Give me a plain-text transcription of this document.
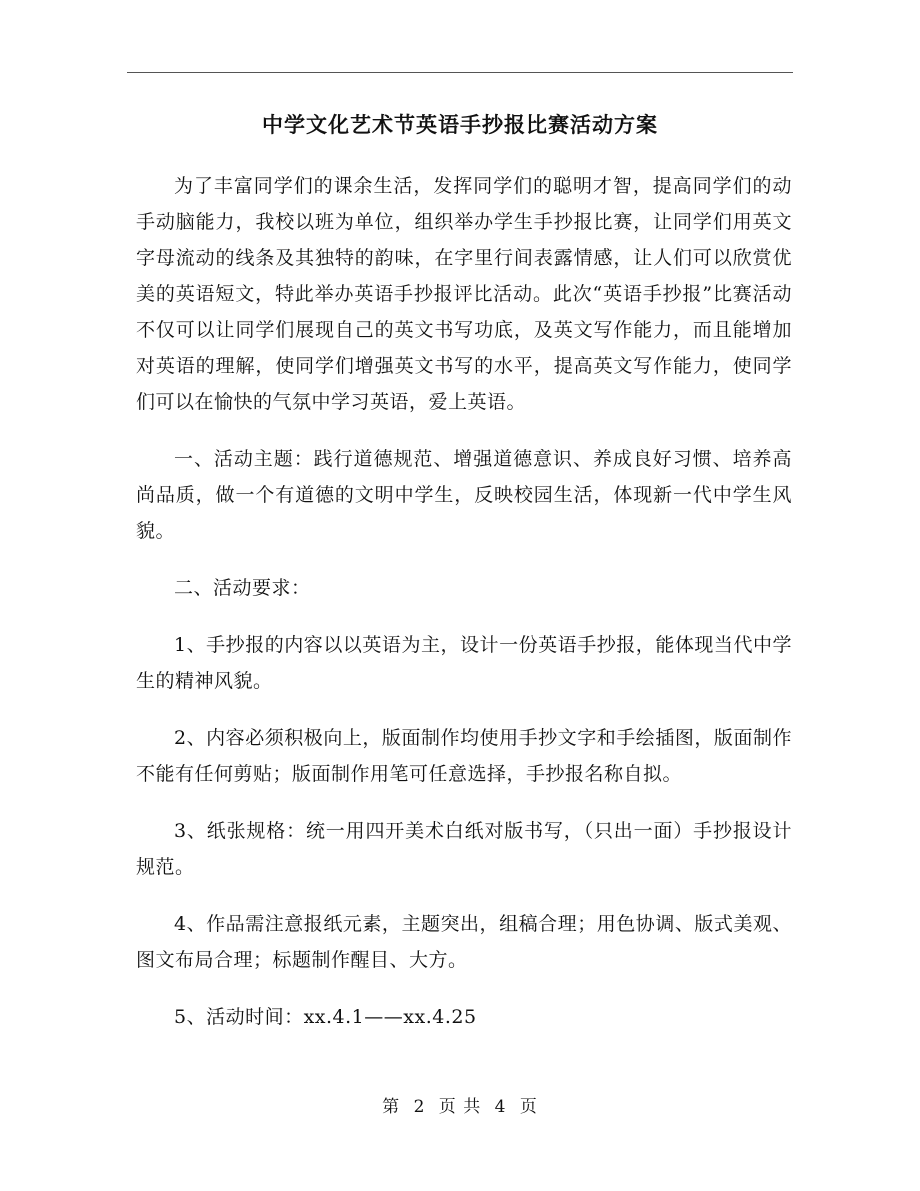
中学文化艺术节英语手抄报比赛活动方案

为了丰富同学们的课余生活，发挥同学们的聪明才智，提高同学们的动手动脑能力，我校以班为单位，组织举办学生手抄报比赛，让同学们用英文字母流动的线条及其独特的韵味，在字里行间表露情感，让人们可以欣赏优美的英语短文，特此举办英语手抄报评比活动。此次“英语手抄报”比赛活动不仅可以让同学们展现自己的英文书写功底，及英文写作能力，而且能增加对英语的理解，使同学们增强英文书写的水平，提高英文写作能力，使同学们可以在愉快的气氛中学习英语，爱上英语。

一、活动主题：践行道德规范、增强道德意识、养成良好习惯、培养高尚品质，做一个有道德的文明中学生，反映校园生活，体现新一代中学生风貌。

二、活动要求：

1、手抄报的内容以以英语为主，设计一份英语手抄报，能体现当代中学生的精神风貌。

2、内容必须积极向上，版面制作均使用手抄文字和手绘插图，版面制作不能有任何剪贴；版面制作用笔可任意选择，手抄报名称自拟。

3、纸张规格：统一用四开美术白纸对版书写，（只出一面）手抄报设计规范。

4、作品需注意报纸元素，主题突出，组稿合理；用色协调、版式美观、图文布局合理；标题制作醒目、大方。

5、活动时间：xx.4.1——xx.4.25

第 2 页 共 4 页
